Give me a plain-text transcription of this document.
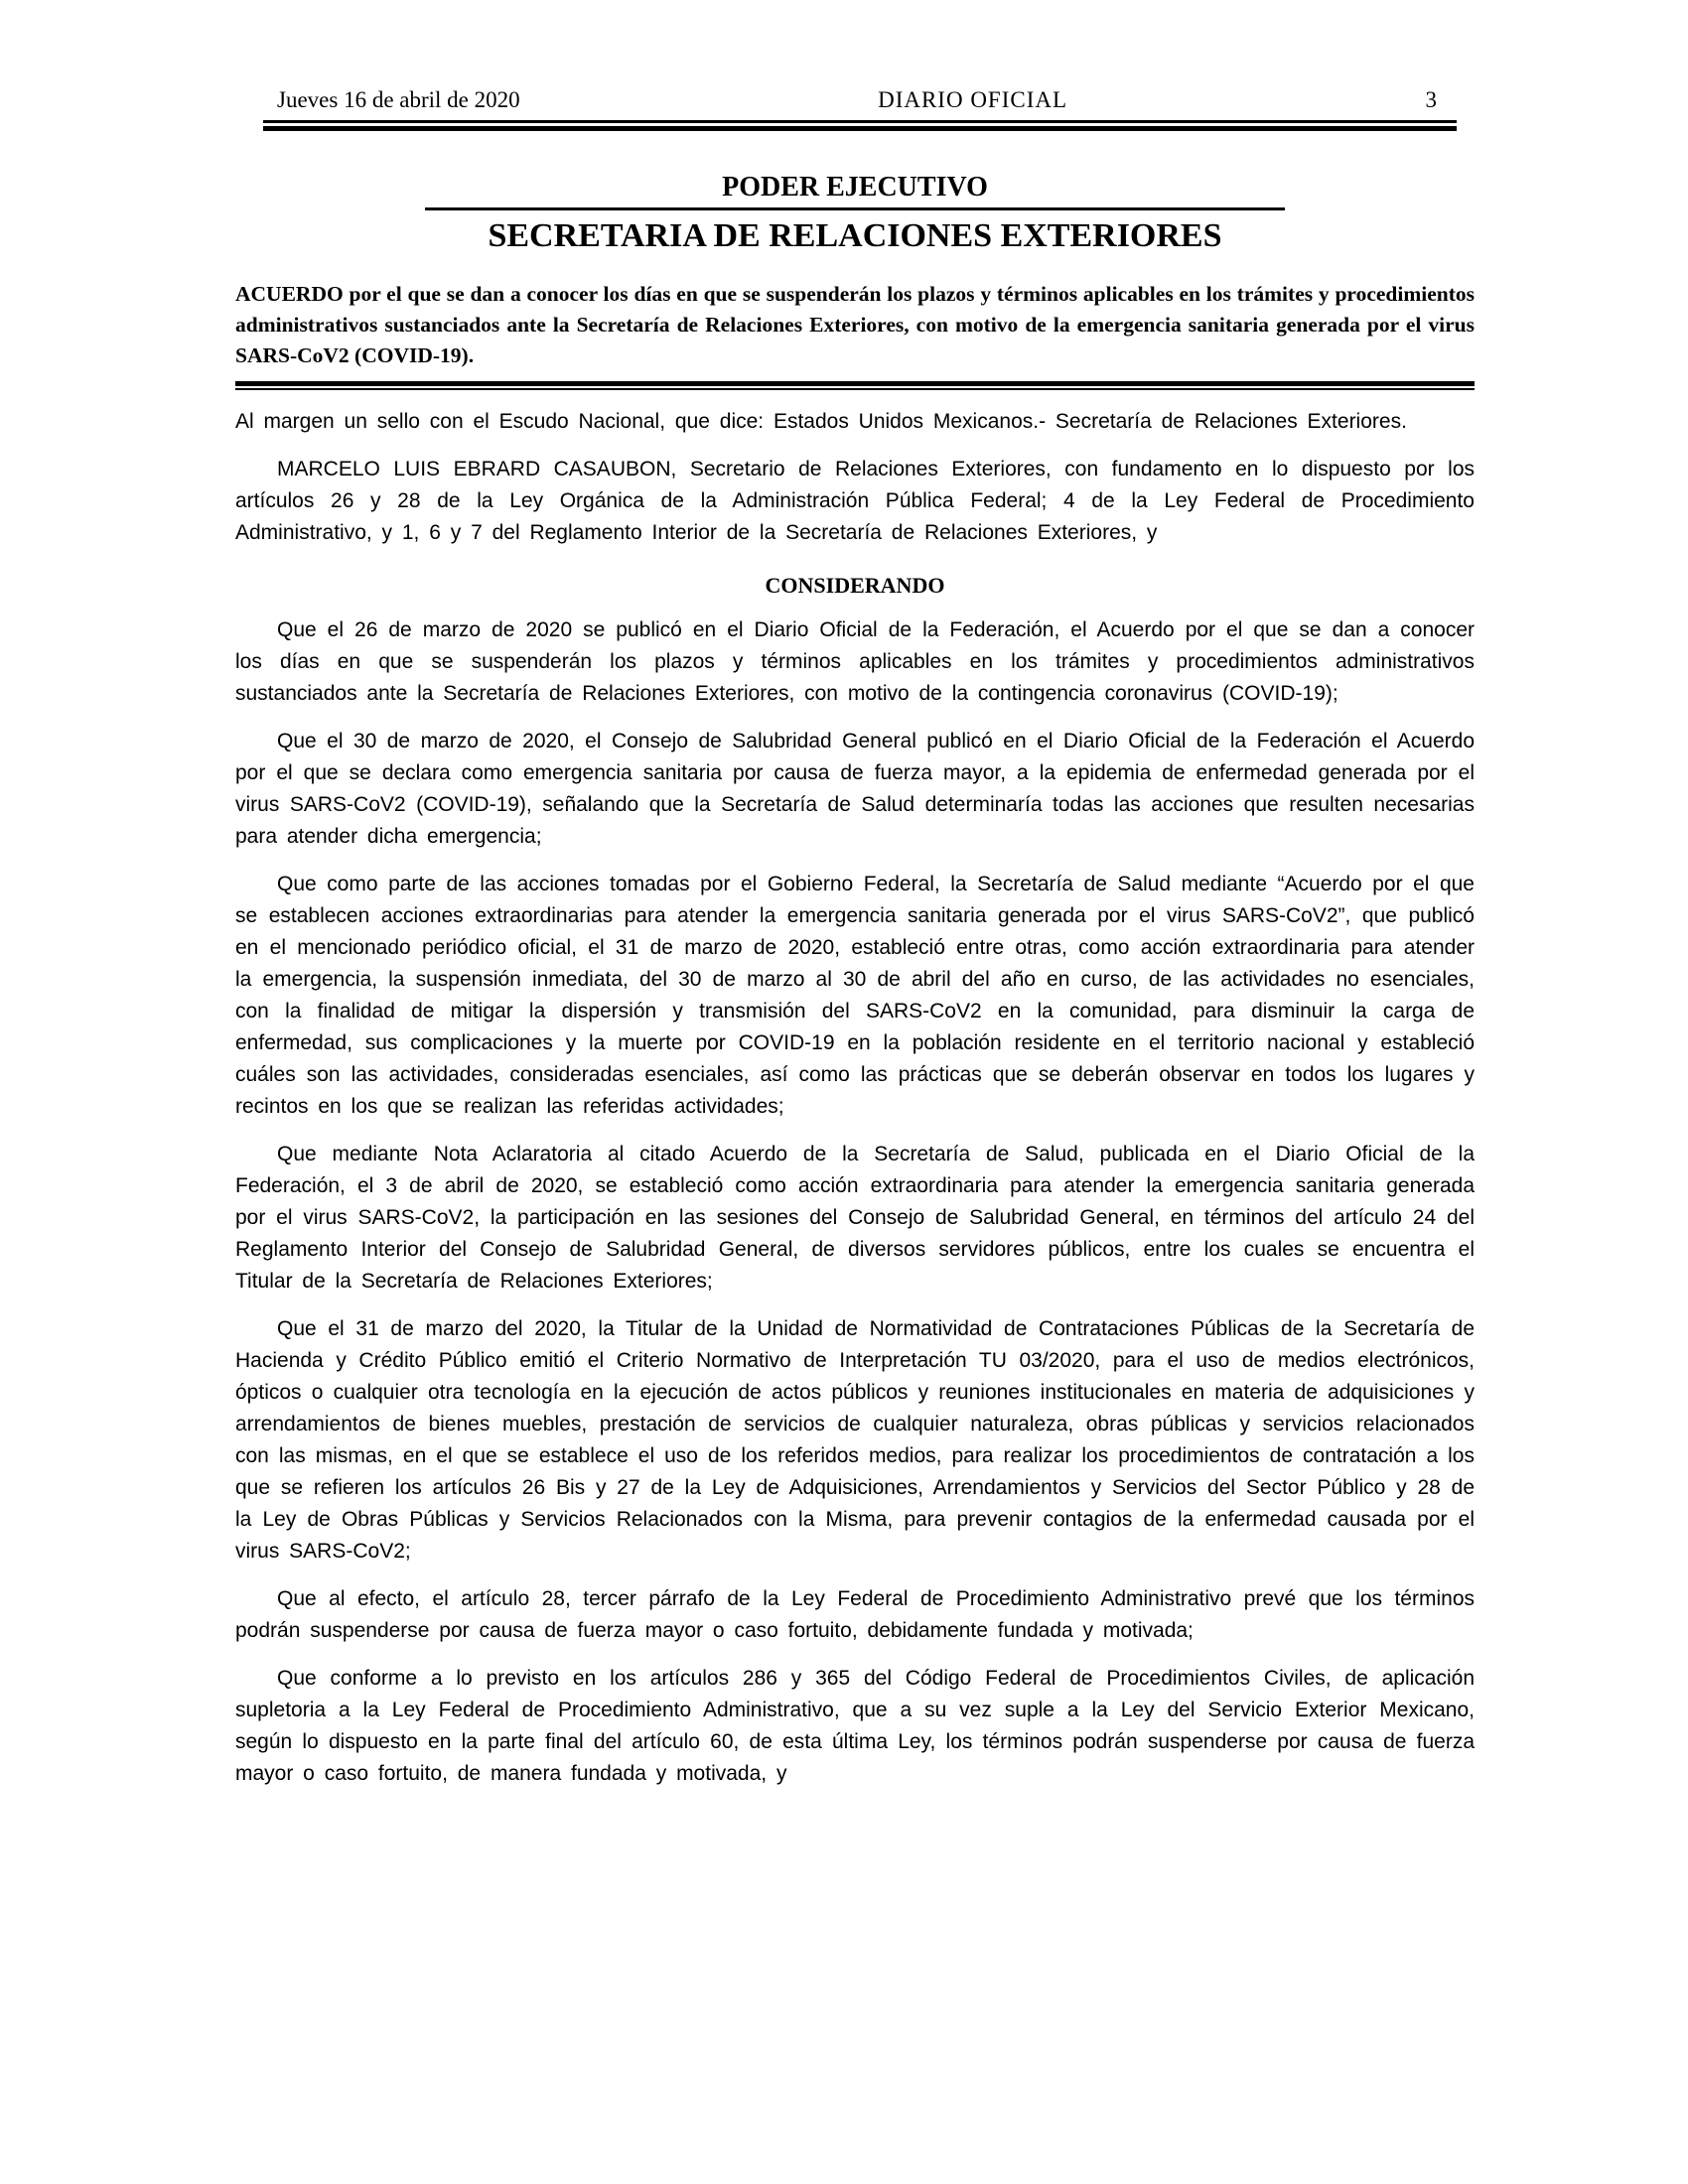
Jueves 16 de abril de 2020	DIARIO OFICIAL	3
PODER EJECUTIVO
SECRETARIA DE RELACIONES EXTERIORES

ACUERDO por el que se dan a conocer los días en que se suspenderán los plazos y términos aplicables en los trámites y procedimientos administrativos sustanciados ante la Secretaría de Relaciones Exteriores, con motivo de la emergencia sanitaria generada por el virus SARS-CoV2 (COVID-19).

Al margen un sello con el Escudo Nacional, que dice: Estados Unidos Mexicanos.- Secretaría de Relaciones Exteriores.

MARCELO LUIS EBRARD CASAUBON, Secretario de Relaciones Exteriores, con fundamento en lo dispuesto por los artículos 26 y 28 de la Ley Orgánica de la Administración Pública Federal; 4 de la Ley Federal de Procedimiento Administrativo, y 1, 6 y 7 del Reglamento Interior de la Secretaría de Relaciones Exteriores, y

CONSIDERANDO

Que el 26 de marzo de 2020 se publicó en el Diario Oficial de la Federación, el Acuerdo por el que se dan a conocer los días en que se suspenderán los plazos y términos aplicables en los trámites y procedimientos administrativos sustanciados ante la Secretaría de Relaciones Exteriores, con motivo de la contingencia coronavirus (COVID-19);

Que el 30 de marzo de 2020, el Consejo de Salubridad General publicó en el Diario Oficial de la Federación el Acuerdo por el que se declara como emergencia sanitaria por causa de fuerza mayor, a la epidemia de enfermedad generada por el virus SARS-CoV2 (COVID-19), señalando que la Secretaría de Salud determinaría todas las acciones que resulten necesarias para atender dicha emergencia;

Que como parte de las acciones tomadas por el Gobierno Federal, la Secretaría de Salud mediante “Acuerdo por el que se establecen acciones extraordinarias para atender la emergencia sanitaria generada por el virus SARS-CoV2”, que publicó en el mencionado periódico oficial, el 31 de marzo de 2020, estableció entre otras, como acción extraordinaria para atender la emergencia, la suspensión inmediata, del 30 de marzo al 30 de abril del año en curso, de las actividades no esenciales, con la finalidad de mitigar la dispersión y transmisión del SARS-CoV2 en la comunidad, para disminuir la carga de enfermedad, sus complicaciones y la muerte por COVID-19 en la población residente en el territorio nacional y estableció cuáles son las actividades, consideradas esenciales, así como las prácticas que se deberán observar en todos los lugares y recintos en los que se realizan las referidas actividades;

Que mediante Nota Aclaratoria al citado Acuerdo de la Secretaría de Salud, publicada en el Diario Oficial de la Federación, el 3 de abril de 2020, se estableció como acción extraordinaria para atender la emergencia sanitaria generada por el virus SARS-CoV2, la participación en las sesiones del Consejo de Salubridad General, en términos del artículo 24 del Reglamento Interior del Consejo de Salubridad General, de diversos servidores públicos, entre los cuales se encuentra el Titular de la Secretaría de Relaciones Exteriores;

Que el 31 de marzo del 2020, la Titular de la Unidad de Normatividad de Contrataciones Públicas de la Secretaría de Hacienda y Crédito Público emitió el Criterio Normativo de Interpretación TU 03/2020, para el uso de medios electrónicos, ópticos o cualquier otra tecnología en la ejecución de actos públicos y reuniones institucionales en materia de adquisiciones y arrendamientos de bienes muebles, prestación de servicios de cualquier naturaleza, obras públicas y servicios relacionados con las mismas, en el que se establece el uso de los referidos medios, para realizar los procedimientos de contratación a los que se refieren los artículos 26 Bis y 27 de la Ley de Adquisiciones, Arrendamientos y Servicios del Sector Público y 28 de la Ley de Obras Públicas y Servicios Relacionados con la Misma, para prevenir contagios de la enfermedad causada por el virus SARS-CoV2;

Que al efecto, el artículo 28, tercer párrafo de la Ley Federal de Procedimiento Administrativo prevé que los términos podrán suspenderse por causa de fuerza mayor o caso fortuito, debidamente fundada y motivada;

Que conforme a lo previsto en los artículos 286 y 365 del Código Federal de Procedimientos Civiles, de aplicación supletoria a la Ley Federal de Procedimiento Administrativo, que a su vez suple a la Ley del Servicio Exterior Mexicano, según lo dispuesto en la parte final del artículo 60, de esta última Ley, los términos podrán suspenderse por causa de fuerza mayor o caso fortuito, de manera fundada y motivada, y
